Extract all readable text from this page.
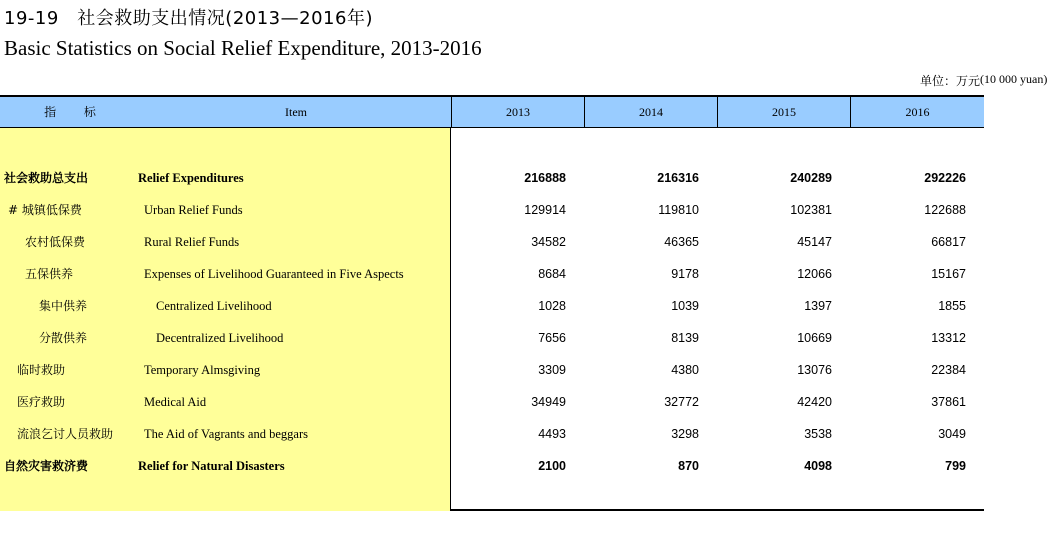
19-19　社会救助支出情况(2013—2016年)
Basic Statistics on Social Relief Expenditure, 2013-2016
单位：万元 (10 000 yuan)
指 标	Item	2013	2014	2015	2016
社会救助总支出	Relief Expenditures	216888	216316	240289	292226
# 城镇低保费	Urban Relief Funds	129914	119810	102381	122688
农村低保费	Rural Relief Funds	34582	46365	45147	66817
五保供养	Expenses of Livelihood Guaranteed in Five Aspects	8684	9178	12066	15167
集中供养	Centralized Livelihood	1028	1039	1397	1855
分散供养	Decentralized Livelihood	7656	8139	10669	13312
临时救助	Temporary Almsgiving	3309	4380	13076	22384
医疗救助	Medical Aid	34949	32772	42420	37861
流浪乞讨人员救助 The Aid of Vagrants and beggars	4493	3298	3538	3049
自然灾害救济费	Relief for Natural Disasters	2100	870	4098	799
